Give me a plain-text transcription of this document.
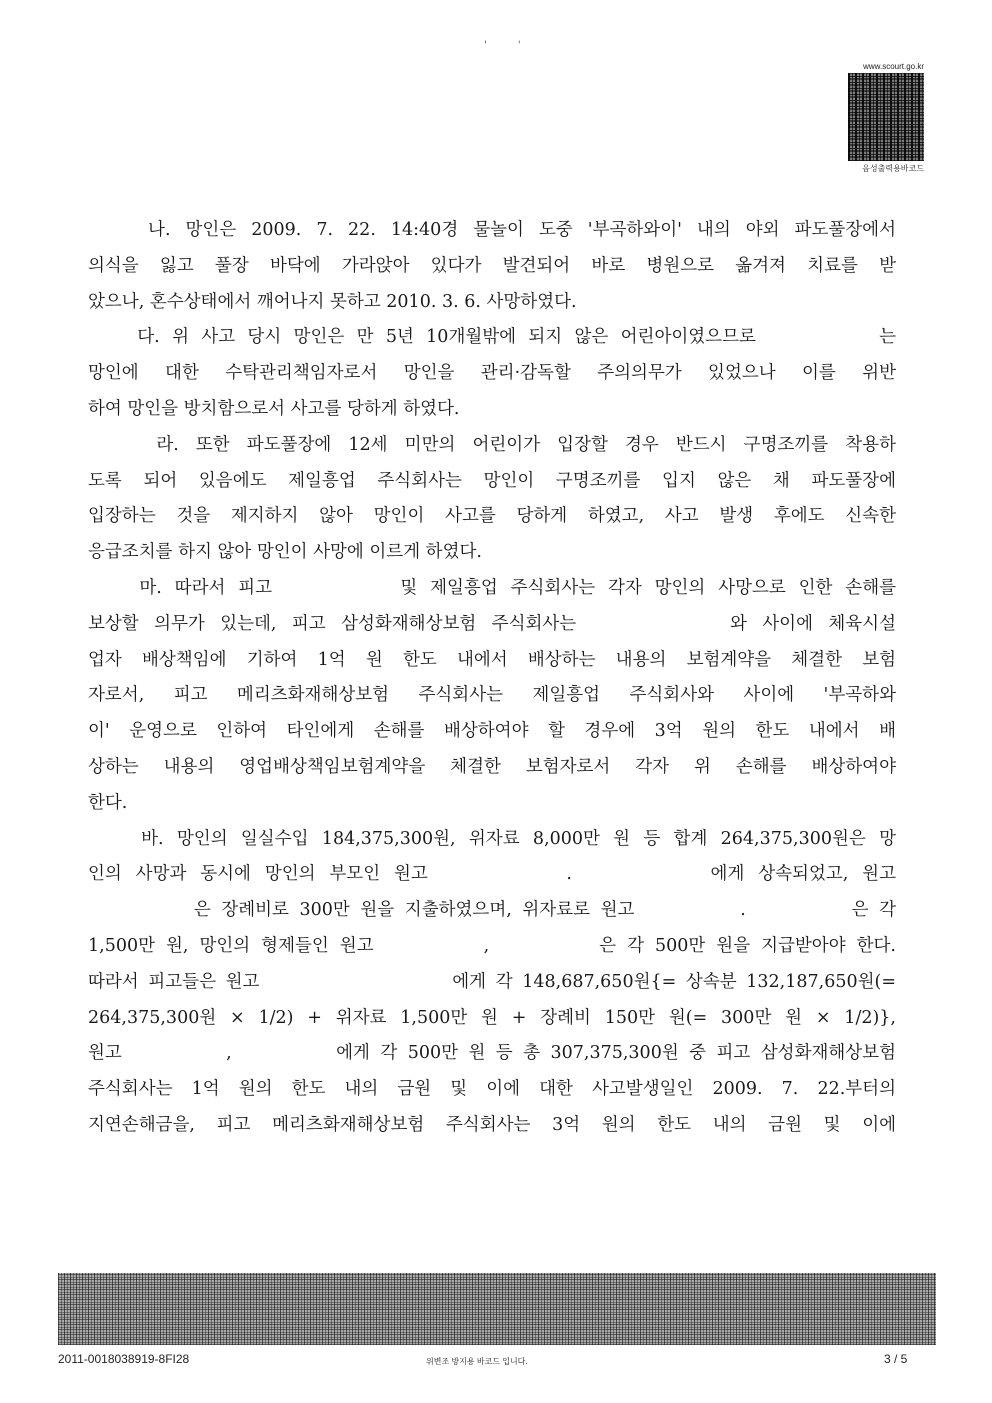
' '
www.scourt.go.kr
음성출력용바코드
나. 망인은 2009. 7. 22. 14:40경 물놀이 도중 '부곡하와이' 내의 야외 파도풀장에서
의식을 잃고 풀장 바닥에 가라앉아 있다가 발견되어 바로 병원으로 옮겨져 치료를 받
았으나, 혼수상태에서 깨어나지 못하고 2010. 3. 6. 사망하였다.
다. 위 사고 당시 망인은 만 5년 10개월밖에 되지 않은 어린아이였으므로          는
망인에 대한 수탁관리책임자로서 망인을 관리·감독할 주의의무가 있었으나 이를 위반
하여 망인을 방치함으로서 사고를 당하게 하였다.
라. 또한 파도풀장에 12세 미만의 어린이가 입장할 경우 반드시 구명조끼를 착용하
도록 되어 있음에도 제일흥업 주식회사는 망인이 구명조끼를 입지 않은 채 파도풀장에
입장하는 것을 제지하지 않아 망인이 사고를 당하게 하였고, 사고 발생 후에도 신속한
응급조치를 하지 않아 망인이 사망에 이르게 하였다.
마. 따라서 피고          및 제일흥업 주식회사는 각자 망인의 사망으로 인한 손해를
보상할 의무가 있는데, 피고 삼성화재해상보험 주식회사는          와 사이에 체육시설
업자 배상책임에 기하여 1억 원 한도 내에서 배상하는 내용의 보험계약을 체결한 보험
자로서, 피고 메리츠화재해상보험 주식회사는 제일흥업 주식회사와 사이에 '부곡하와
이' 운영으로 인하여 타인에게 손해를 배상하여야 할 경우에 3억 원의 한도 내에서 배
상하는 내용의 영업배상책임보험계약을 체결한 보험자로서 각자 위 손해를 배상하여야
한다.
바. 망인의 일실수입 184,375,300원, 위자료 8,000만 원 등 합계 264,375,300원은 망
인의 사망과 동시에 망인의 부모인 원고          .          에게 상속되었고, 원고
은 장례비로 300만 원을 지출하였으며, 위자료로 원고          .          은 각
1,500만 원, 망인의 형제들인 원고          ,          은 각 500만 원을 지급받아야 한다.
따라서 피고들은 원고                    에게 각 148,687,650원{= 상속분 132,187,650원(=
264,375,300원 × 1/2) + 위자료 1,500만 원 + 장례비 150만 원(= 300만 원 × 1/2)},
원고          ,          에게 각 500만 원 등 총 307,375,300원 중 피고 삼성화재해상보험
주식회사는 1억 원의 한도 내의 금원 및 이에 대한 사고발생일인 2009. 7. 22.부터의
지연손해금을, 피고 메리츠화재해상보험 주식회사는 3억 원의 한도 내의 금원 및 이에
2011-0018038919-8FI28	위변조 방지용 바코드 입니다.	3 / 5
